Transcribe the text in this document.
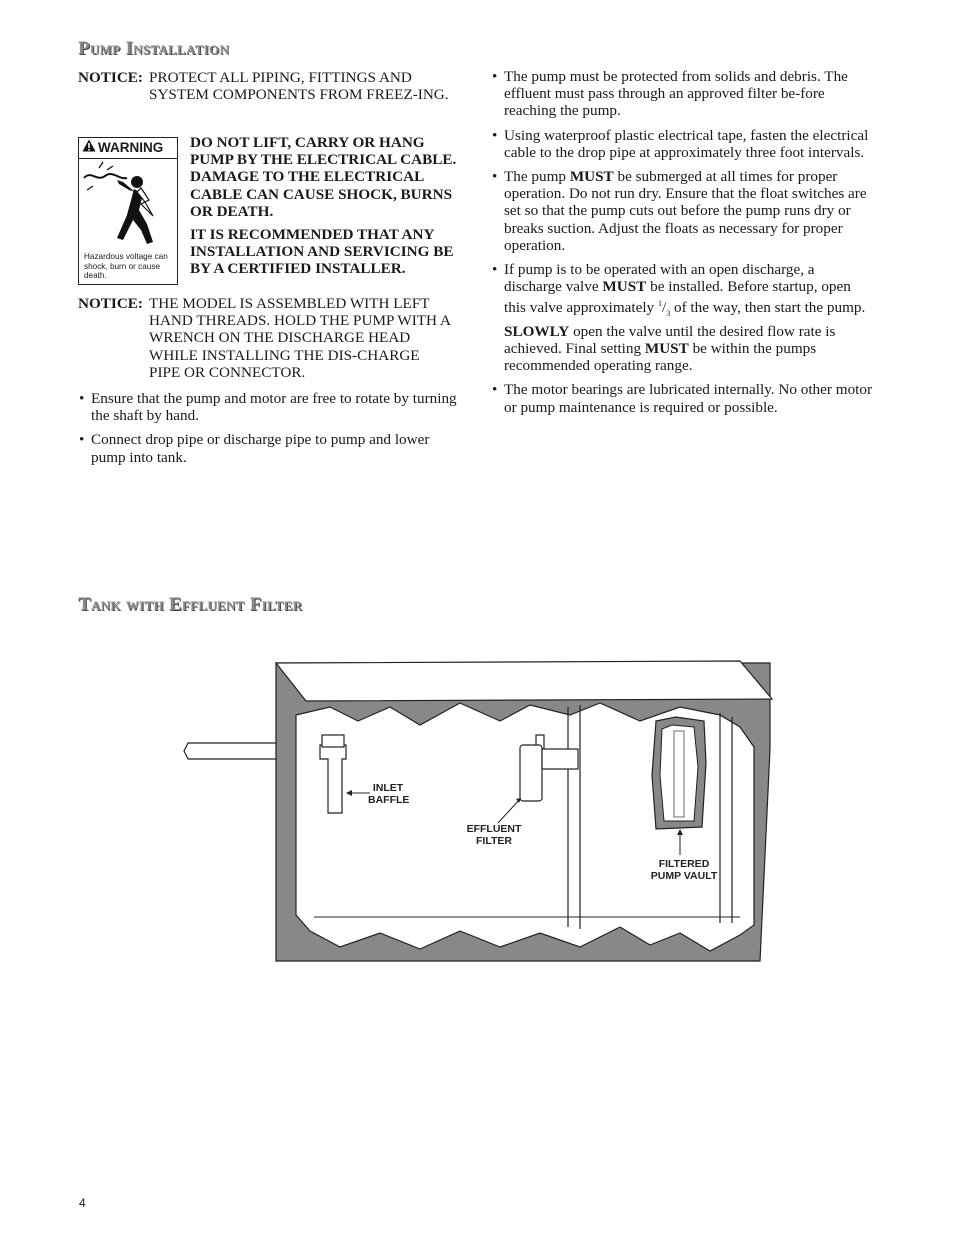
Pump Installation
NOTICE: PROTECT ALL PIPING, FITTINGS AND SYSTEM COMPONENTS FROM FREEZ-ING.
WARNING
Hazardous voltage can shock, burn or cause death.

DO NOT LIFT, CARRY OR HANG PUMP BY THE ELECTRICAL CABLE. DAMAGE TO THE ELECTRICAL CABLE CAN CAUSE SHOCK, BURNS OR DEATH.

IT IS RECOMMENDED THAT ANY INSTALLATION AND SERVICING BE BY A CERTIFIED INSTALLER.

NOTICE: THE MODEL IS ASSEMBLED WITH LEFT HAND THREADS. HOLD THE PUMP WITH A WRENCH ON THE DISCHARGE HEAD WHILE INSTALLING THE DIS-CHARGE PIPE OR CONNECTOR.
• Ensure that the pump and motor are free to rotate by turning the shaft by hand.
• Connect drop pipe or discharge pipe to pump and lower pump into tank.
• The pump must be protected from solids and debris. The effluent must pass through an approved filter be-fore reaching the pump.
• Using waterproof plastic electrical tape, fasten the electrical cable to the drop pipe at approximately three foot intervals.
• The pump MUST be submerged at all times for proper operation. Do not run dry. Ensure that the float switches are set so that the pump cuts out before the pump runs dry or breaks suction. Adjust the floats as necessary for proper operation.
• If pump is to be operated with an open discharge, a discharge valve MUST be installed. Before startup, open this valve approximately $^1/_3$ of the way, then start the pump. SLOWLY open the valve until the desired flow rate is achieved. Final setting MUST be within the pumps recommended operating range.
• The motor bearings are lubricated internally. No other motor or pump maintenance is required or possible.
Tank with Effluent Filter
INLET
BAFFLE
EFFLUENT
FILTER
FILTERED
PUMP VAULT
4
